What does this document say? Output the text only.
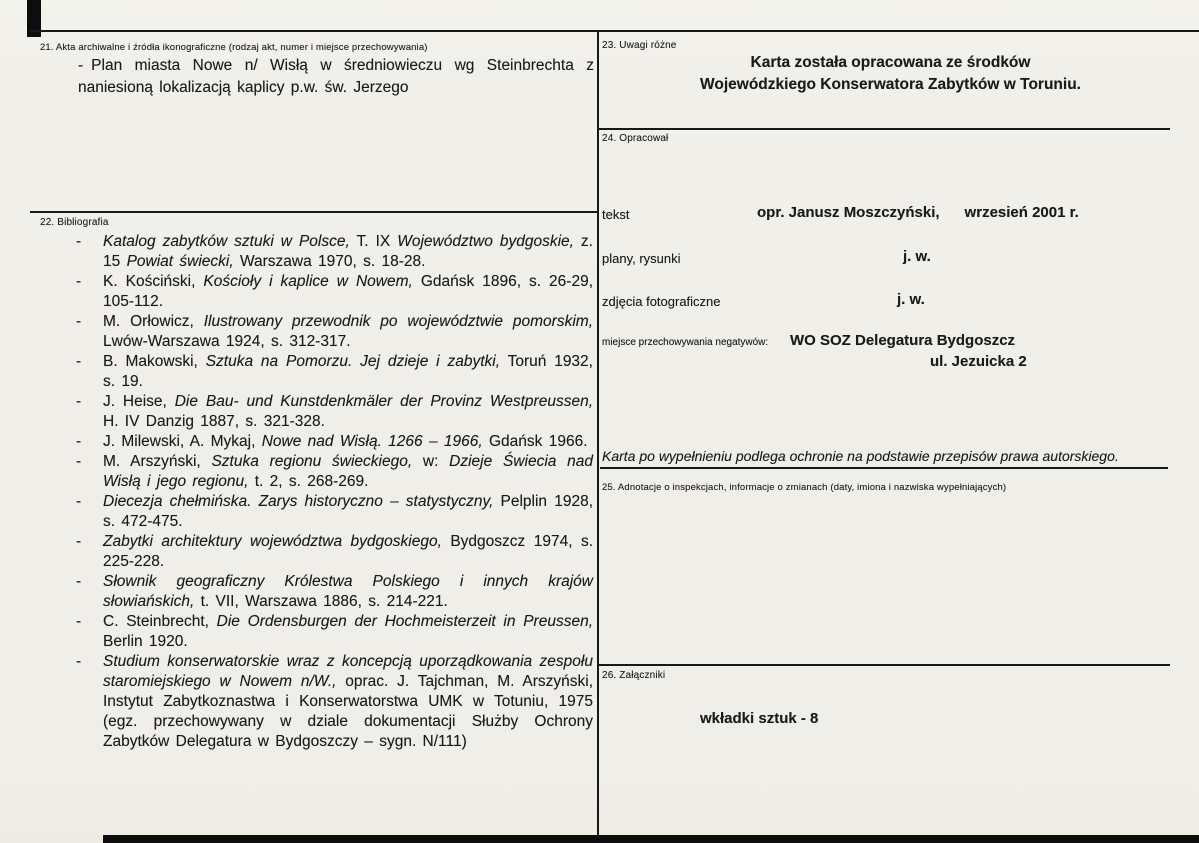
21. Akta archiwalne i źródła ikonograficzne (rodzaj akt, numer i miejsce przechowywania)
- Plan miasta Nowe n/ Wisłą w średniowieczu wg Steinbrechta z naniesioną lokalizacją kaplicy p.w. św. Jerzego
22. Bibliografia
-	Katalog zabytków sztuki w Polsce, T. IX Województwo bydgoskie, z. 15 Powiat świecki, Warszawa 1970, s. 18-28.
-	K. Kościński, Kościoły i kaplice w Nowem, Gdańsk 1896, s. 26-29, 105-112.
-	M. Orłowicz, Ilustrowany przewodnik po województwie pomorskim, Lwów-Warszawa 1924, s. 312-317.
-	B. Makowski, Sztuka na Pomorzu. Jej dzieje i zabytki, Toruń 1932, s. 19.
-	J. Heise, Die Bau- und Kunstdenkmäler der Provinz Westpreussen, H. IV Danzig 1887, s. 321-328.
-	J. Milewski, A. Mykaj, Nowe nad Wisłą. 1266 – 1966, Gdańsk 1966.
-	M. Arszyński, Sztuka regionu świeckiego, w: Dzieje Świecia nad Wisłą i jego regionu, t. 2, s. 268-269.
-	Diecezja chełmińska. Zarys historyczno – statystyczny, Pelplin 1928, s. 472-475.
-	Zabytki architektury województwa bydgoskiego, Bydgoszcz 1974, s. 225-228.
-	Słownik geograficzny Królestwa Polskiego i innych krajów słowiańskich, t. VII, Warszawa 1886, s. 214-221.
-	C. Steinbrecht, Die Ordensburgen der Hochmeisterzeit in Preussen, Berlin 1920.
-	Studium konserwatorskie wraz z koncepcją uporządkowania zespołu staromiejskiego w Nowem n/W., oprac. J. Tajchman, M. Arszyński, Instytut Zabytkoznastwa i Konserwatorstwa UMK w Totuniu, 1975 (egz. przechowywany w dziale dokumentacji Służby Ochrony Zabytków Delegatura w Bydgoszczy – sygn. N/111)
23. Uwagi różne
Karta została opracowana ze środków
Wojewódzkiego Konserwatora Zabytków w Toruniu.
24. Opracował
tekst	opr. Janusz Moszczyński,      wrzesień 2001 r.
plany, rysunki	j. w.
zdjęcia fotograficzne	j. w.
miejsce przechowywania negatywów: WO SOZ Delegatura Bydgoszcz
ul. Jezuicka 2
Karta po wypełnieniu podlega ochronie na podstawie przepisów prawa autorskiego.
25. Adnotacje o inspekcjach, informacje o zmianach (daty, imiona i nazwiska wypełniających)
26. Załączniki
wkładki sztuk - 8
